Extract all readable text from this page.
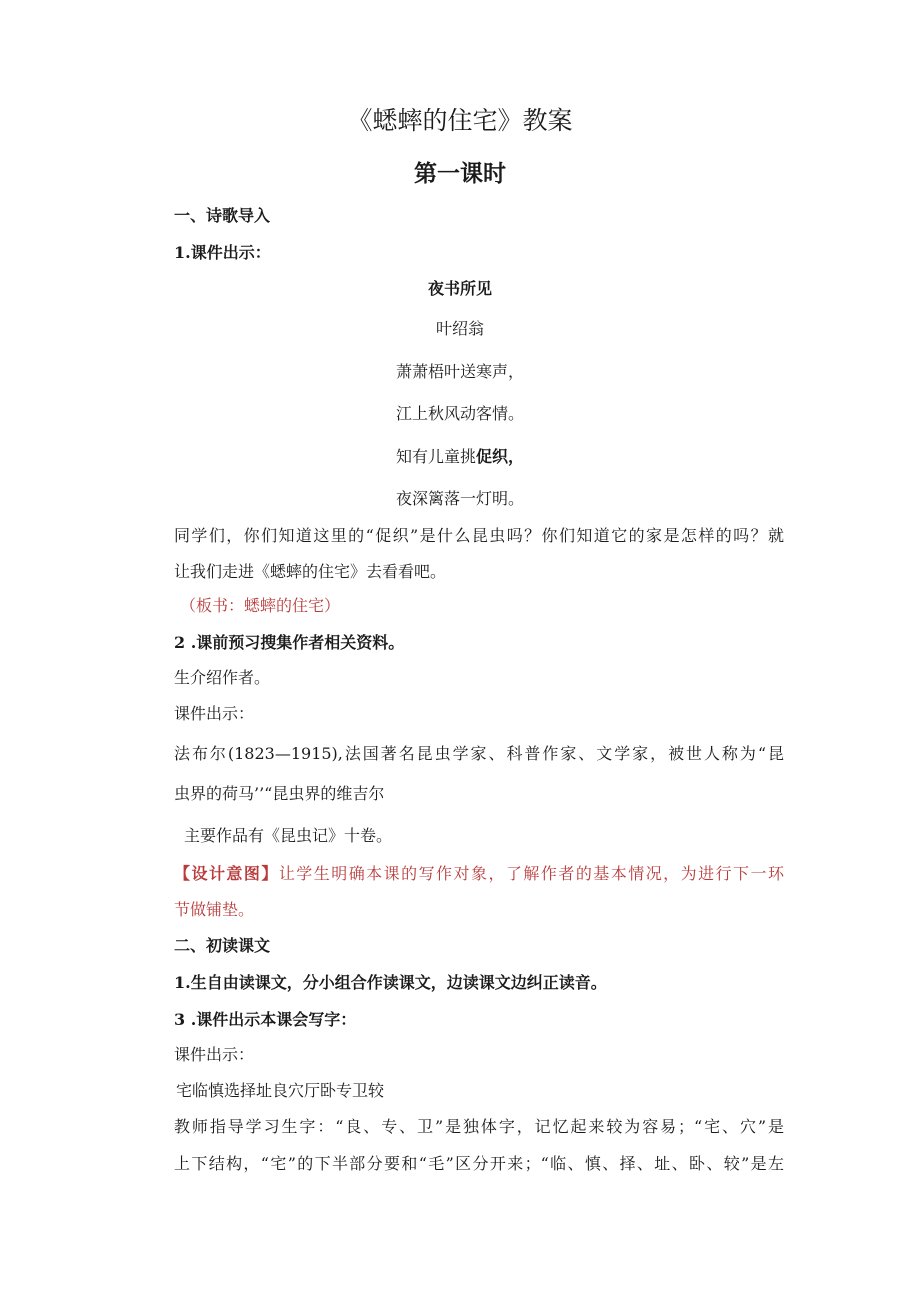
《蟋蟀的住宅》教案
第一课时
一、诗歌导入
1.课件出示：
夜书所见
叶绍翁
萧萧梧叶送寒声，
江上秋风动客情。
知有儿童挑促织，
夜深篱落一灯明。
同学们，你们知道这里的“促织”是什么昆虫吗？你们知道它的家是怎样的吗？就
让我们走进《蟋蟀的住宅》去看看吧。
（板书：蟋蟀的住宅）
2 .课前预习搜集作者相关资料。
生介绍作者。
课件出示：
法布尔(1823—1915),法国著名昆虫学家、科普作家、文学家，被世人称为“昆
虫界的荷马’’“昆虫界的维吉尔
主要作品有《昆虫记》十卷。
【设计意图】让学生明确本课的写作对象，了解作者的基本情况，为进行下一环
节做铺垫。
二、初读课文
1.生自由读课文，分小组合作读课文，边读课文边纠正读音。
3 .课件出示本课会写字：
课件出示：
宅临慎选择址良穴厅卧专卫较
教师指导学习生字：“良、专、卫”是独体字，记忆起来较为容易；“宅、穴”是
上下结构，“宅”的下半部分要和“毛”区分开来；“临、慎、择、址、卧、较”是左
